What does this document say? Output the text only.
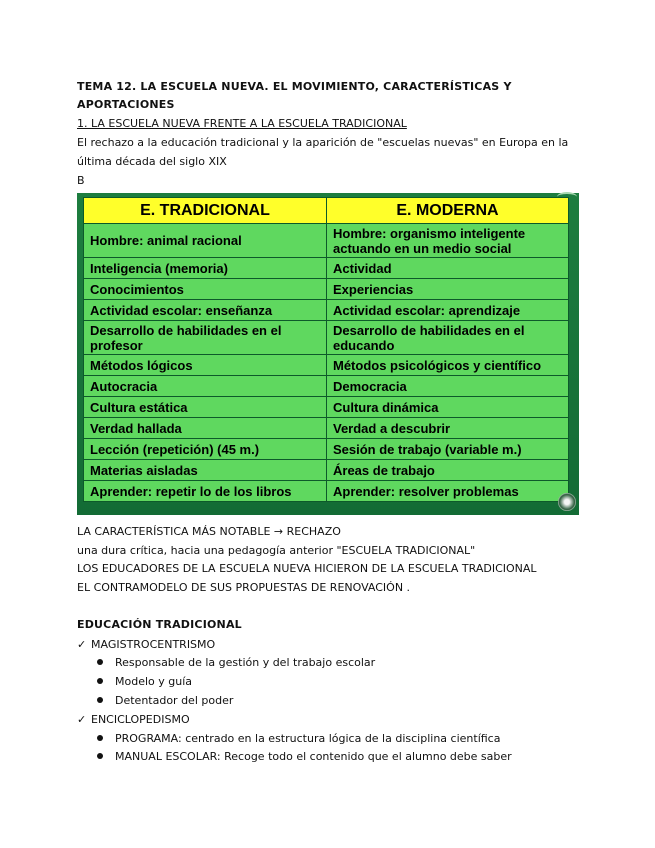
TEMA 12. LA ESCUELA NUEVA. EL MOVIMIENTO, CARACTERÍSTICAS Y
APORTACIONES
1. LA ESCUELA NUEVA FRENTE A LA ESCUELA TRADICIONAL
El rechazo a la educación tradicional y la aparición de "escuelas nuevas" en Europa en la
última década del siglo XIX
B
E. TRADICIONAL	E. MODERNA
Hombre: animal racional	Hombre: organismo inteligente actuando en un medio social
Inteligencia (memoria)	Actividad
Conocimientos	Experiencias
Actividad escolar: enseñanza	Actividad escolar: aprendizaje
Desarrollo de habilidades en el profesor	Desarrollo de habilidades en el educando
Métodos lógicos	Métodos psicológicos y científico
Autocracia	Democracia
Cultura estática	Cultura dinámica
Verdad hallada	Verdad a descubrir
Lección (repetición) (45 m.)	Sesión de trabajo (variable m.)
Materias aisladas	Áreas de trabajo
Aprender: repetir lo de los libros	Aprender: resolver problemas
LA CARACTERÍSTICA MÁS NOTABLE → RECHAZO
una dura crítica, hacia una pedagogía anterior "ESCUELA TRADICIONAL"
LOS EDUCADORES DE LA ESCUELA NUEVA HICIERON DE LA ESCUELA TRADICIONAL
EL CONTRAMODELO DE SUS PROPUESTAS DE RENOVACIÓN .
EDUCACIÓN TRADICIONAL
✓ MAGISTROCENTRISMO
Responsable de la gestión y del trabajo escolar
Modelo y guía
Detentador del poder
✓ ENCICLOPEDISMO
PROGRAMA: centrado en la estructura lógica de la disciplina científica
MANUAL ESCOLAR: Recoge todo el contenido que el alumno debe saber
